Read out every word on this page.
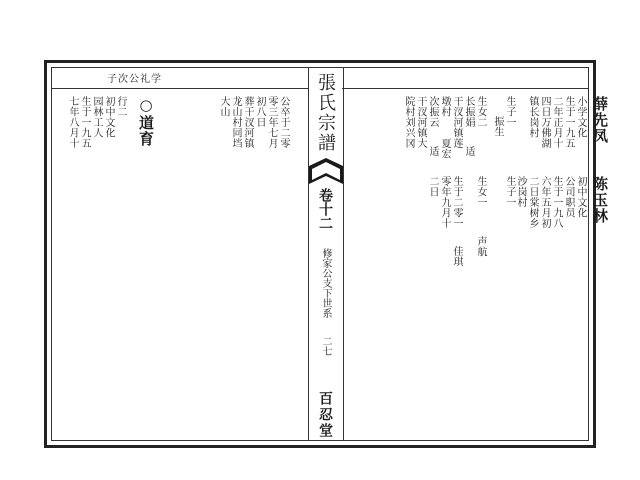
子次公礼学
公卒于二零
零三年七月
初八日
葬干汊河镇
龙山村同垱
大山
○道育
行二
初中文化
园林工人
生于一九五
七年八月十	張氏宗譜
卷十二
修家公支下世系
二七
百忍堂
薛先凤
小学文化
生于一九五
二年正月十
四日万佛湖
镇长岗村
生子一
振生
生女二
长振娟
适
干汊河镇莲
墩村
夏宏
次振云
适
干汊河镇大
院村刘兴冈
陈玉林
初中文化
公司职员
生于一九八
六年五月初
二日棠树乡
沙岗村
生子一
生女一
声航
生于二零一
佳琪
零年九月十
二日
